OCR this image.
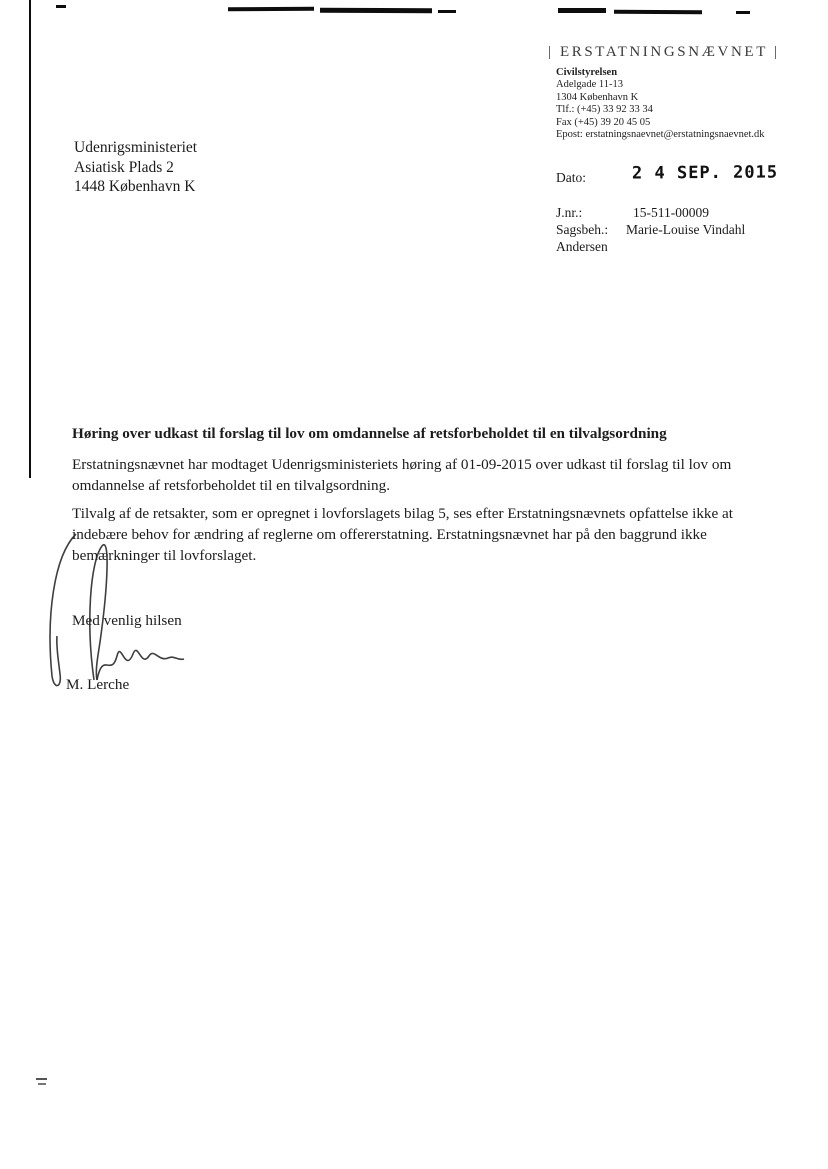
| ERSTATNINGSNÆVNET |
Civilstyrelsen
Adelgade 11-13
1304 København K
Tlf.: (+45) 33 92 33 34
Fax (+45) 39 20 45 05
Epost: erstatningsnaevnet@erstatningsnaevnet.dk
Udenrigsministeriet
Asiatisk Plads 2
1448 København K
Dato:	2 4 SEP. 2015
J.nr.:	15-511-00009
Sagsbeh.: Marie-Louise Vindahl
Andersen
Høring over udkast til forslag til lov om omdannelse af retsforbeholdet til en tilvalgsordning
Erstatningsnævnet har modtaget Udenrigsministeriets høring af 01-09-2015 over udkast til forslag til lov om omdannelse af retsforbeholdet til en tilvalgsordning.
Tilvalg af de retsakter, som er opregnet i lovforslagets bilag 5, ses efter Erstatningsnævnets opfattelse ikke at indebære behov for ændring af reglerne om offererstatning. Erstatningsnævnet har på den baggrund ikke bemærkninger til lovforslaget.
Med venlig hilsen
M. Lerche
